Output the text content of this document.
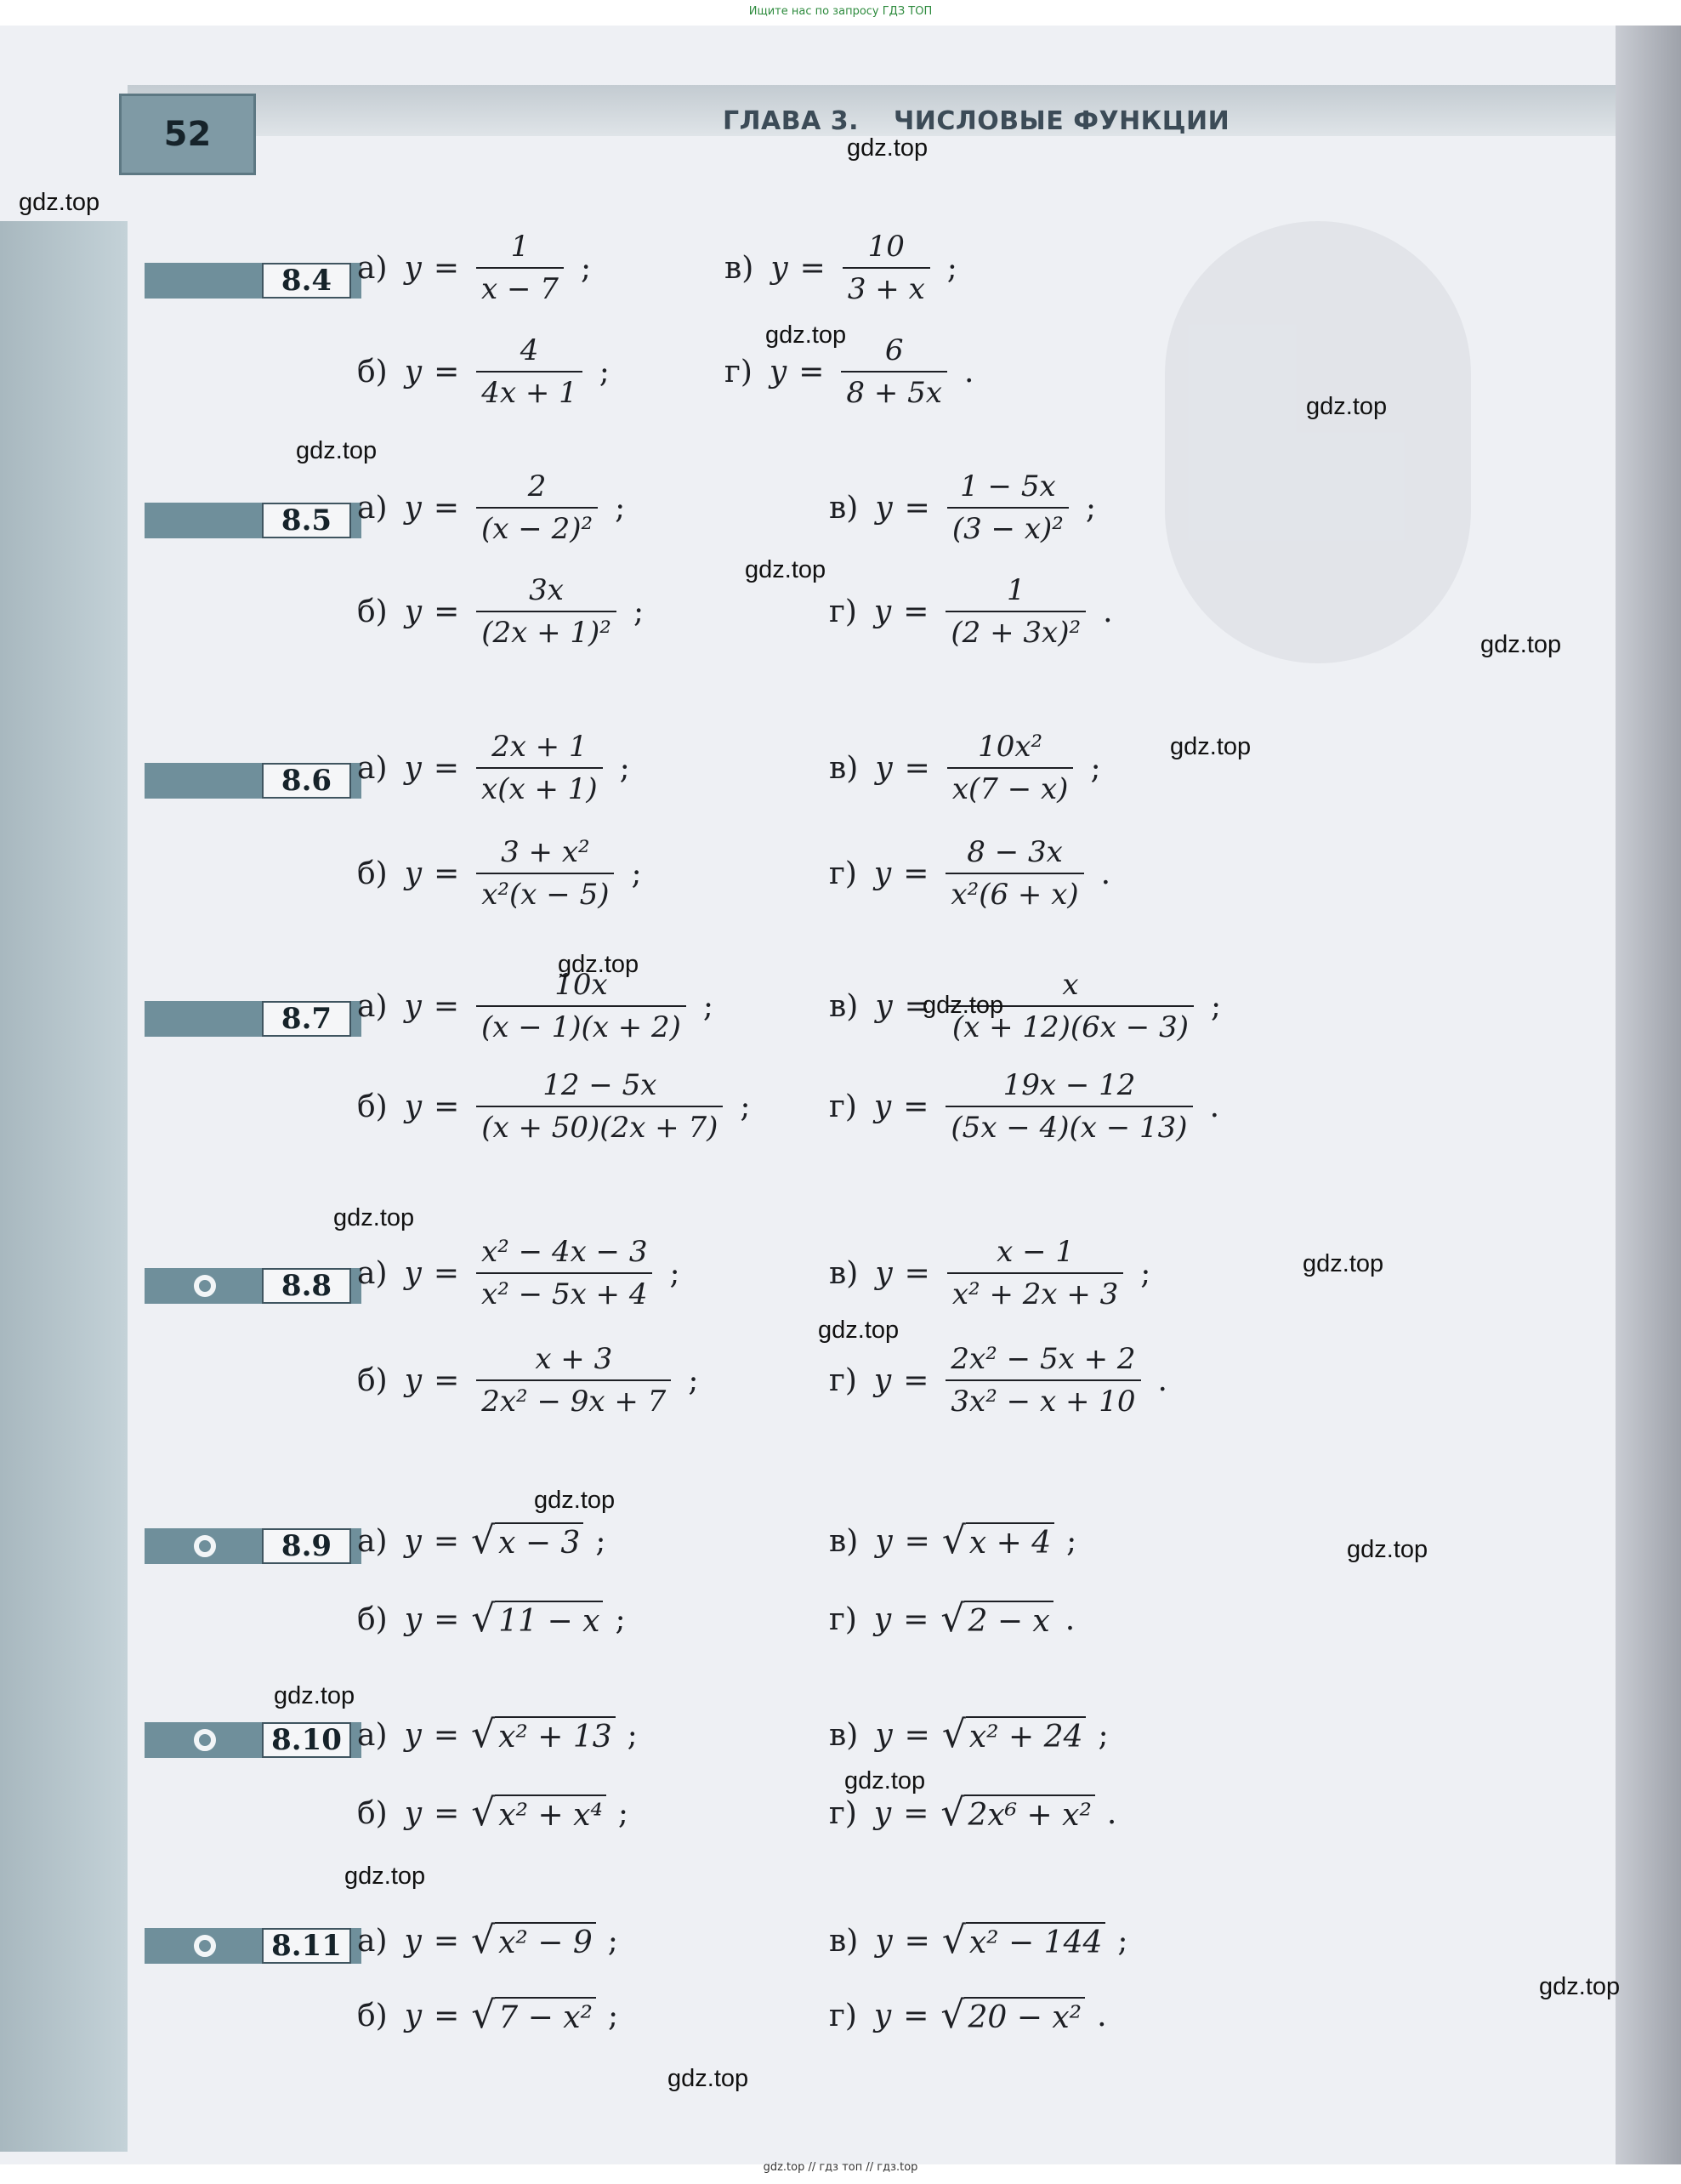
Ищите нас по запросу ГДЗ ТОП
52	ГЛАВА 3. ЧИСЛОВЫЕ ФУНКЦИИ
8.4 а) $y = \frac{1}{x - 7}$ ;	в) $y = \frac{10}{3 + x}$ ;
б) $y = \frac{4}{4x + 1}$ ;	г) $y = \frac{6}{8 + 5x}$ .
8.5 а) $y = \frac{2}{\text{(x − 2)²}}$ ;	в) $y = \frac{1 - 5x}{\text{(3 − x)²}}$ ;
б) $y = \frac{3x}{\text{(2x + 1)²}}$ ;	г) $y = \frac{1}{\text{(2 + 3x)²}}$ .
8.6 а) $y = \frac{2x + 1}{x(x + 1)}$ ;	в) $y = \frac{\text{10x²}}{x(7 - x)}$ ;
б) $y = \frac{\text{3 + x²}}{\text{x²(x − 5)}}$ ;	г) $y = \frac{8 - 3x}{\text{x²(6 + x)}}$ .
8.7 а) $y = \frac{10x}{(x - 1)(x + 2)}$ ;	в) $y = \frac{x}{(x + 12)(6x - 3)}$ ;
б) $y = \frac{12 - 5x}{(x + 50)(2x + 7)}$ ;	г) $y = \frac{19x - 12}{(5x - 4)(x - 13)}$ .
8.8 а) $y = \frac{\text{x² − 4x − 3}}{\text{x² − 5x + 4}}$ ;	в) $y = \frac{x - 1}{\text{x² + 2x + 3}}$ ;
б) $y = \frac{x + 3}{\text{2x² − 9x + 7}}$ ;	г) $y = \frac{\text{2x² − 5x + 2}}{\text{3x² − x + 10}}$ .
8.9 а) y = √ x − 3 ;	в) y = √ x + 4 ;
б) y = √ 11 − x ;	г) y = √ 2 − x .
8.10 а) y = √ x² + 13 ;	в) y = √ x² + 24 ;
б) y = √ x² + x⁴ ;	г) y = √ 2x⁶ + x² .
8.11 а) y = √ x² − 9 ;	в) y = √ x² − 144 ;
б) y = √ 7 − x² ;	г) y = √ 20 − x² .
gdz.top
gdz.top
gdz.top
gdz.top
gdz.top
gdz.top
gdz.top
gdz.top
gdz.top
gdz.top
gdz.top
gdz.top
gdz.top
gdz.top
gdz.top
gdz.top
gdz.top
gdz.top
gdz.top
gdz.top
gdz.top // гдз топ // гдз.top
